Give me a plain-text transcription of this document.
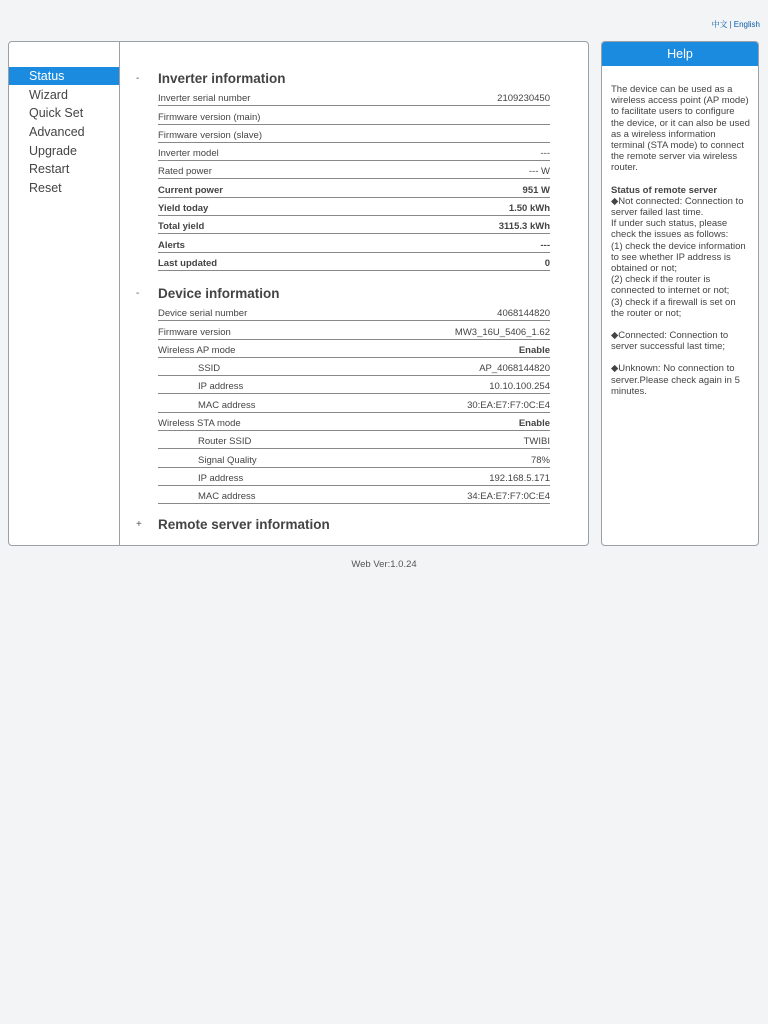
中文 | English
Status
Wizard
Quick Set
Advanced
Upgrade
Restart
Reset
- Inverter information
Inverter serial number	2109230450
Firmware version (main)	
Firmware version (slave)	
Inverter model	---
Rated power	--- W
Current power	951 W
Yield today	1.50 kWh
Total yield	3115.3 kWh
Alerts	---
Last updated	0
- Device information
Device serial number	4068144820
Firmware version	MW3_16U_5406_1.62
Wireless AP mode	Enable
SSID	AP_4068144820
IP address	10.10.100.254
MAC address	30:EA:E7:F7:0C:E4
Wireless STA mode	Enable
Router SSID	TWIBI
Signal Quality	78%
IP address	192.168.5.171
MAC address	34:EA:E7:F7:0C:E4
+ Remote server information
Help

The device can be used as a wireless access point (AP mode) to facilitate users to configure the device, or it can also be used as a wireless information terminal (STA mode) to connect the remote server via wireless router.

Status of remote server
◆Not connected: Connection to server failed last time.
If under such status, please check the issues as follows:
(1) check the device information to see whether IP address is obtained or not;
(2) check if the router is connected to internet or not;

(3) check if a firewall is set on the router or not;

◆Connected: Connection to server successful last time;

◆Unknown: No connection to server.Please check again in 5 minutes.

Web Ver:1.0.24
